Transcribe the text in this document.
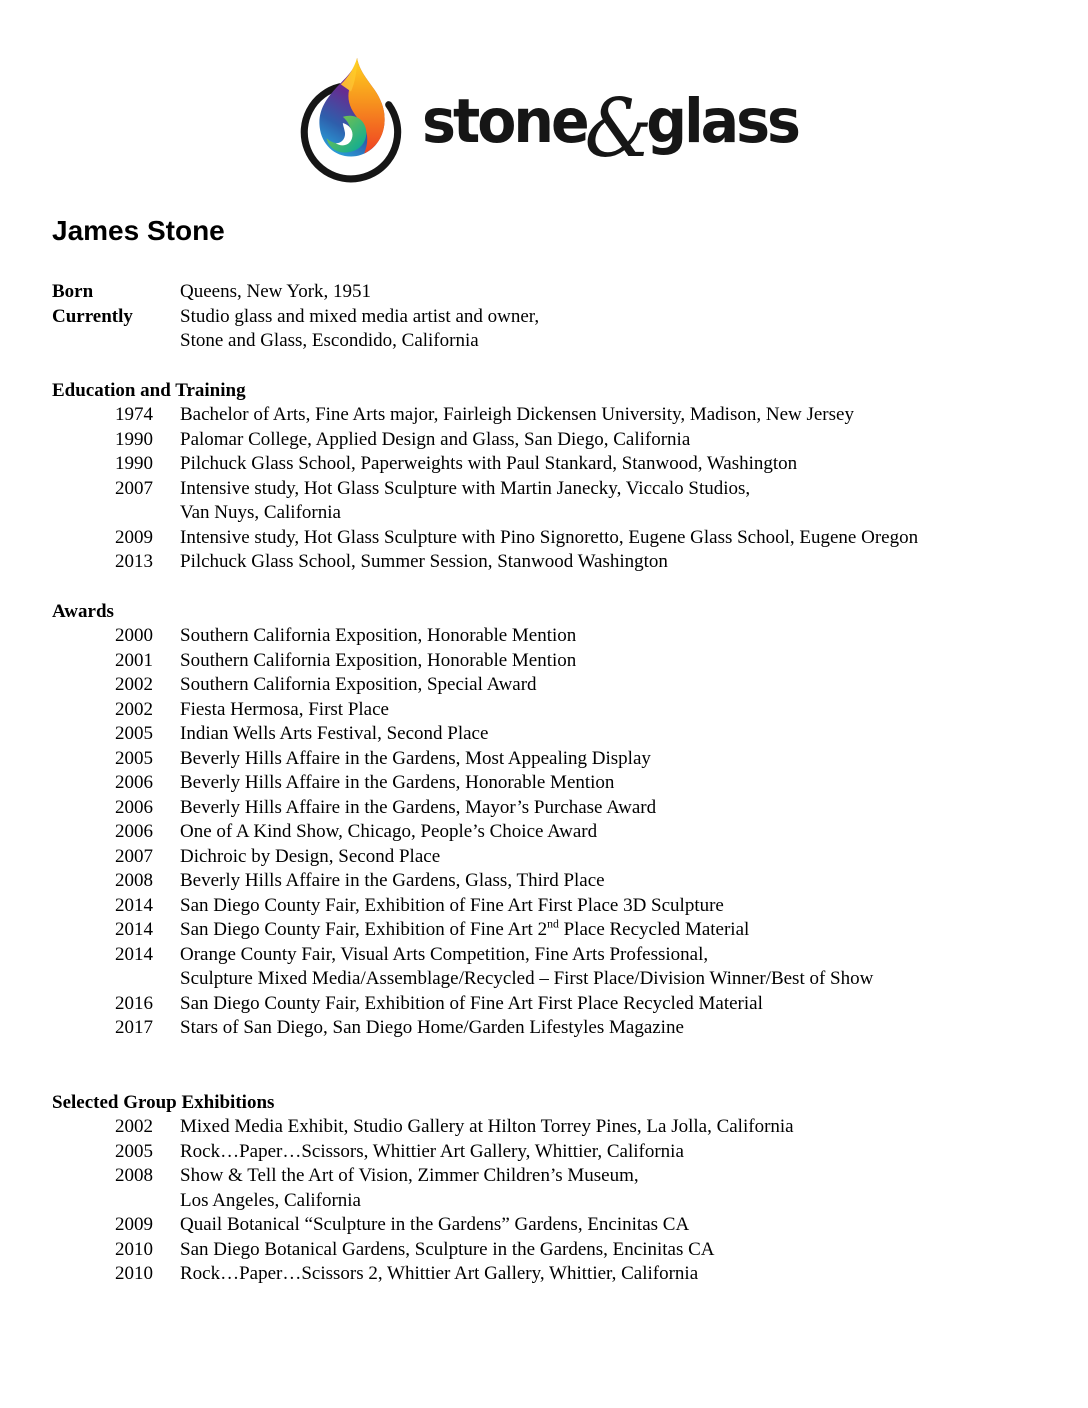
stone
&
glass
James Stone
Born	Queens, New York, 1951
Currently	Studio glass and mixed media artist and owner,
Stone and Glass, Escondido, California
Education and Training
1974	Bachelor of Arts, Fine Arts major, Fairleigh Dickensen University, Madison, New Jersey
1990	Palomar College, Applied Design and Glass, San Diego, California
1990	Pilchuck Glass School, Paperweights with Paul Stankard, Stanwood, Washington
2007	Intensive study, Hot Glass Sculpture with Martin Janecky, Viccalo Studios,
Van Nuys, California
2009	Intensive study, Hot Glass Sculpture with Pino Signoretto, Eugene Glass School, Eugene Oregon
2013	Pilchuck Glass School, Summer Session, Stanwood Washington
Awards
2000	Southern California Exposition, Honorable Mention
2001	Southern California Exposition, Honorable Mention
2002	Southern California Exposition, Special Award
2002	Fiesta Hermosa, First Place
2005	Indian Wells Arts Festival, Second Place
2005	Beverly Hills Affaire in the Gardens, Most Appealing Display
2006	Beverly Hills Affaire in the Gardens, Honorable Mention
2006	Beverly Hills Affaire in the Gardens, Mayor’s Purchase Award
2006	One of A Kind Show, Chicago, People’s Choice Award
2007	Dichroic by Design, Second Place
2008	Beverly Hills Affaire in the Gardens, Glass, Third Place
2014	San Diego County Fair, Exhibition of Fine Art First Place 3D Sculpture
2014	San Diego County Fair, Exhibition of Fine Art 2nd Place Recycled Material
2014	Orange County Fair, Visual Arts Competition, Fine Arts Professional,
Sculpture Mixed Media/Assemblage/Recycled – First Place/Division Winner/Best of Show
2016	San Diego County Fair, Exhibition of Fine Art First Place Recycled Material
2017	Stars of San Diego, San Diego Home/Garden Lifestyles Magazine
Selected Group Exhibitions
2002	Mixed Media Exhibit, Studio Gallery at Hilton Torrey Pines, La Jolla, California
2005	Rock…Paper…Scissors, Whittier Art Gallery, Whittier, California
2008	Show & Tell the Art of Vision, Zimmer Children’s Museum,
Los Angeles, California
2009	Quail Botanical “Sculpture in the Gardens” Gardens, Encinitas CA
2010	San Diego Botanical Gardens, Sculpture in the Gardens, Encinitas CA
2010	Rock…Paper…Scissors 2, Whittier Art Gallery, Whittier, California
